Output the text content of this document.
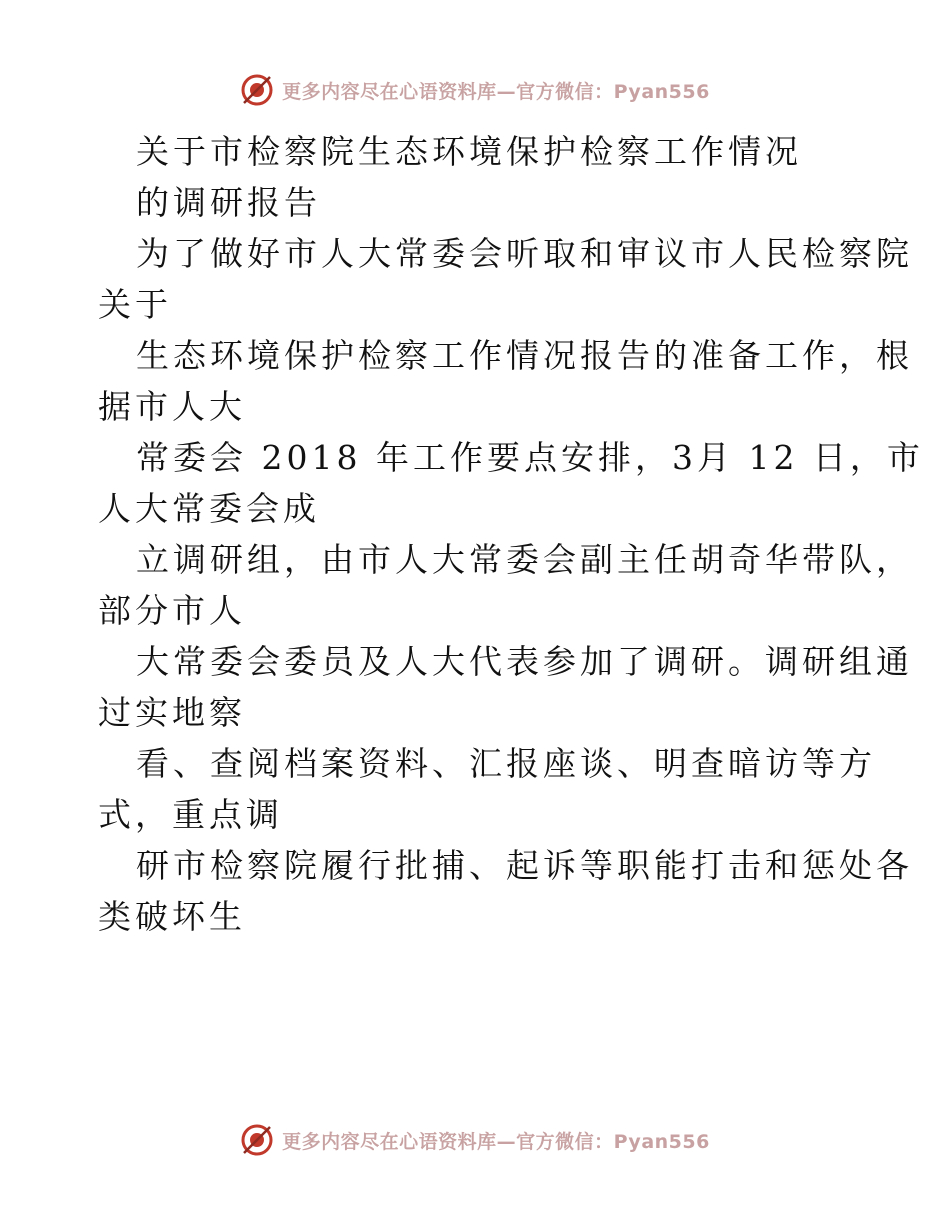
更多内容尽在心语资料库—官方微信：Pyan556
关于市检察院生态环境保护检察工作情况
的调研报告
为了做好市人大常委会听取和审议市人民检察院
关于
生态环境保护检察工作情况报告的准备工作，根
据市人大
常委会 2018 年工作要点安排，3月 12 日，市
人大常委会成
立调研组，由市人大常委会副主任胡奇华带队，
部分市人
大常委会委员及人大代表参加了调研。调研组通
过实地察
看、查阅档案资料、汇报座谈、明查暗访等方
式，重点调
研市检察院履行批捕、起诉等职能打击和惩处各
类破坏生
更多内容尽在心语资料库—官方微信：Pyan556
